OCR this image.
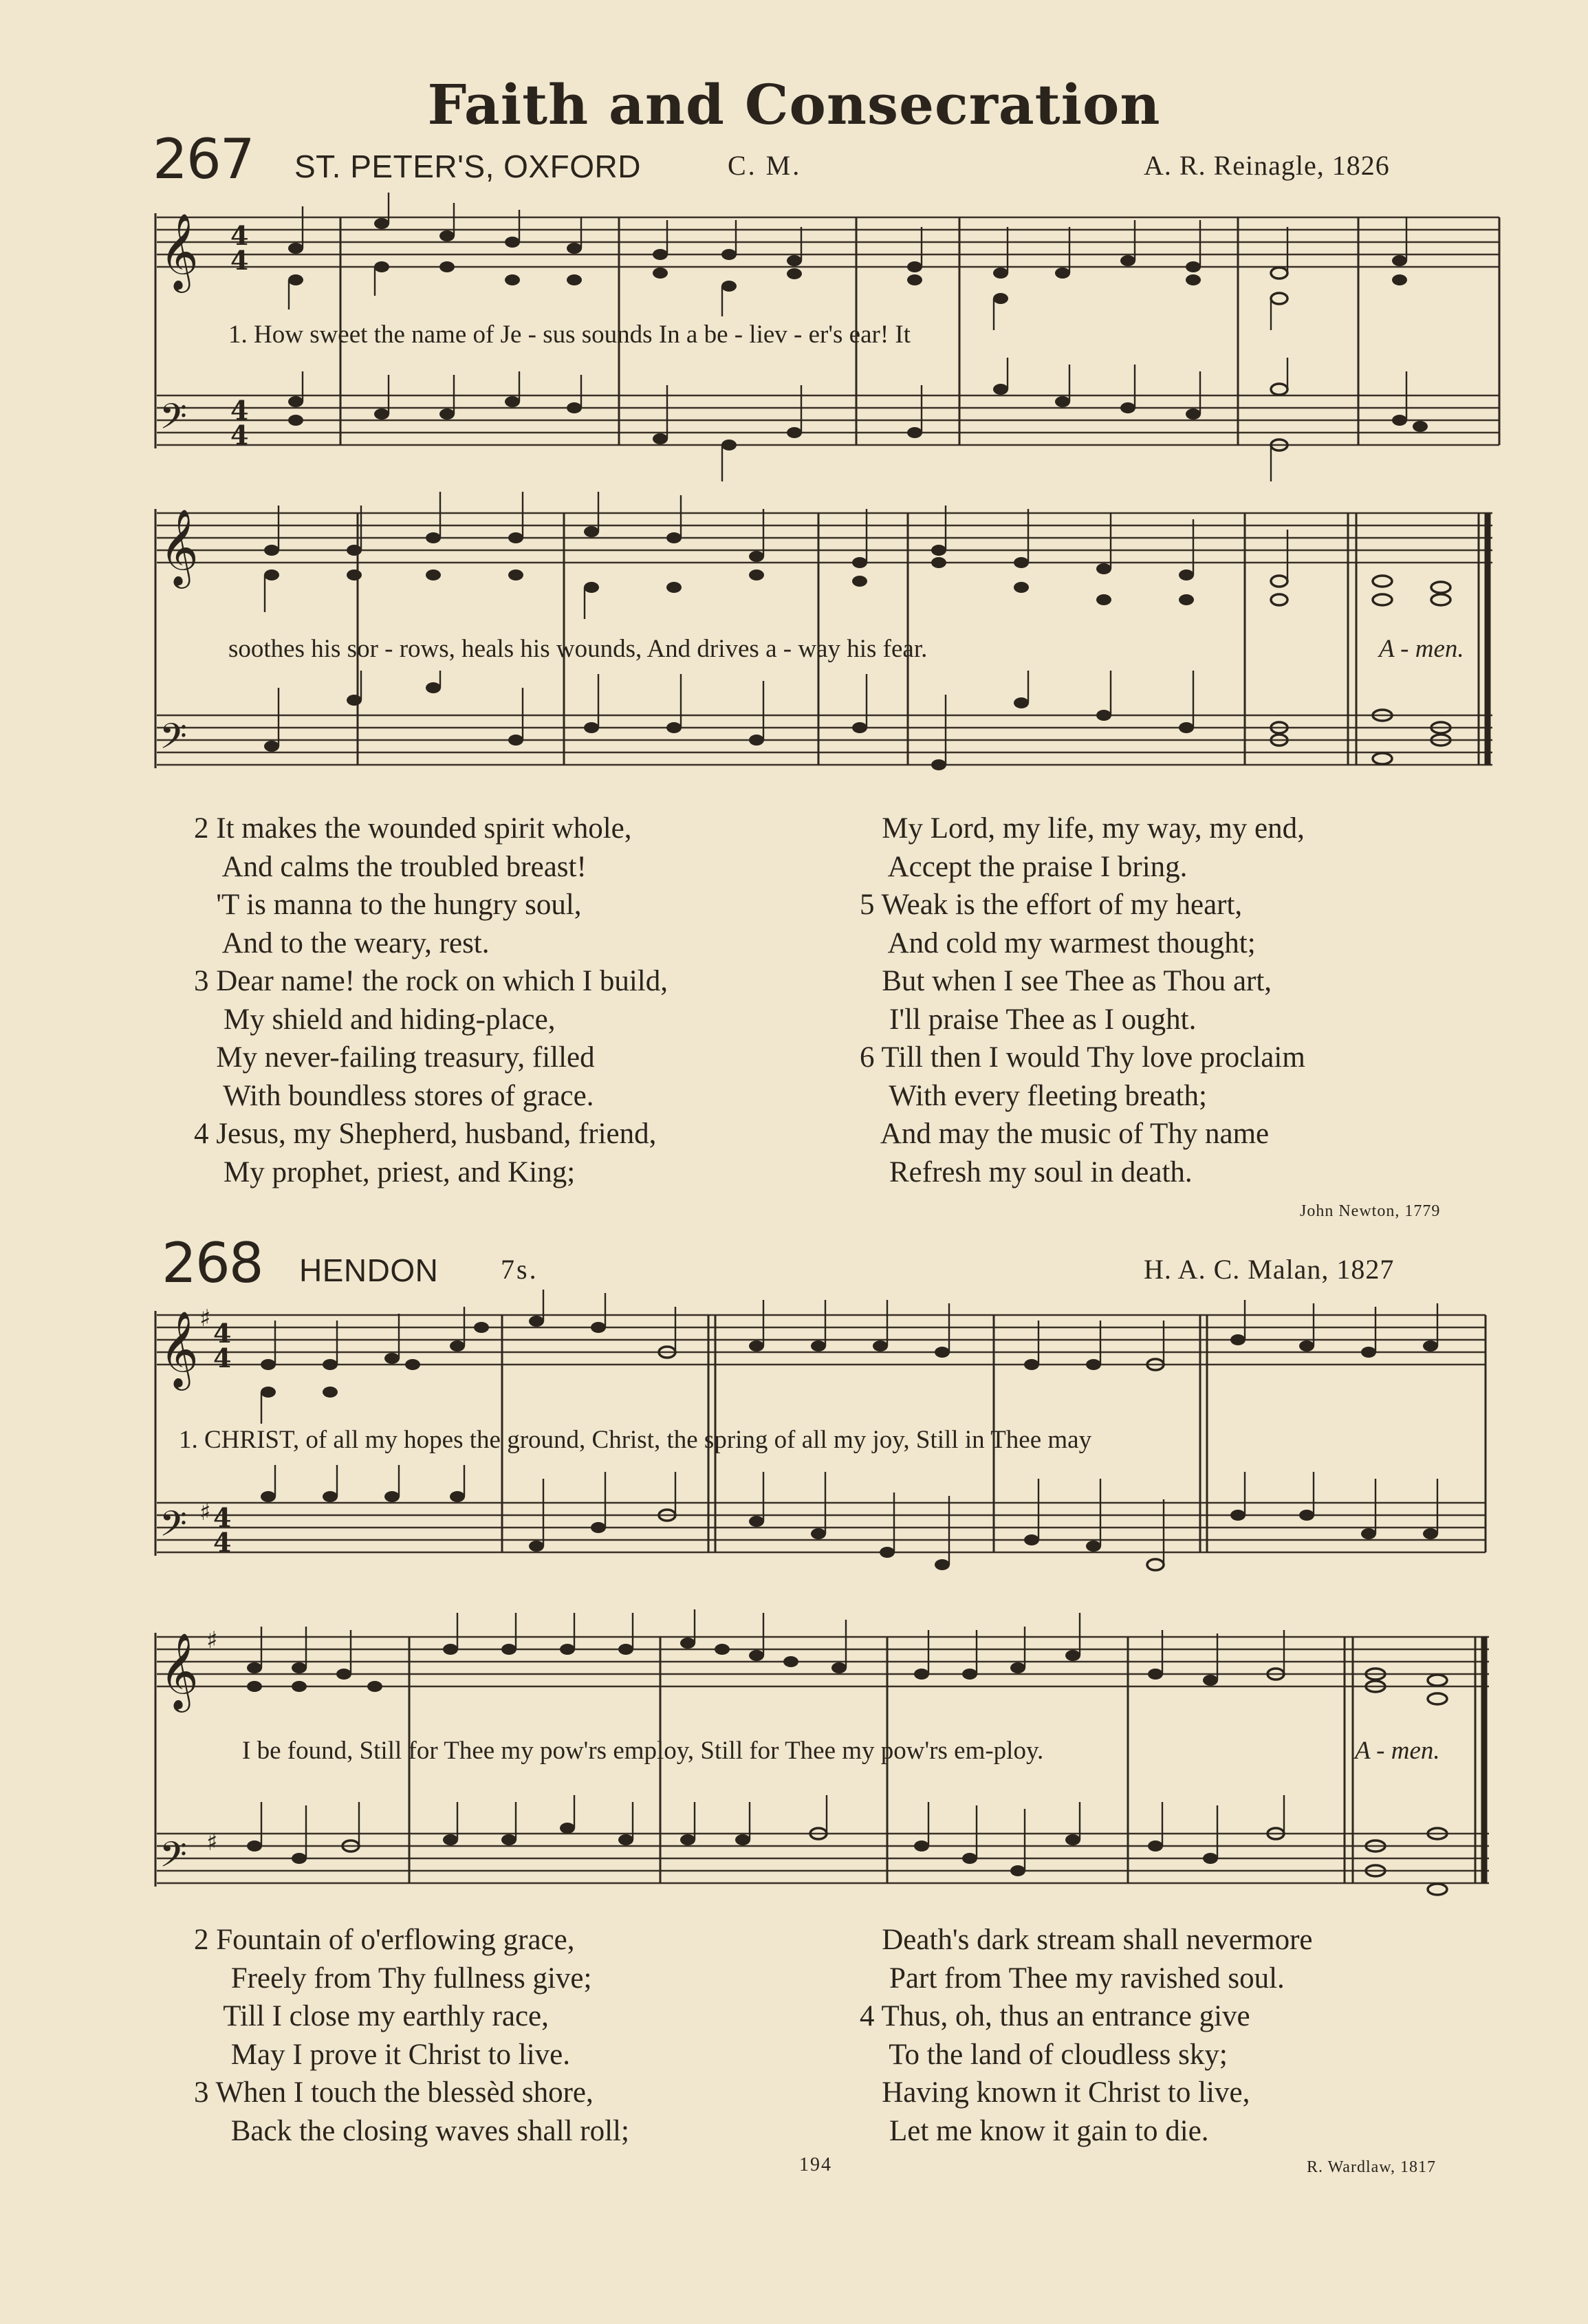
Faith and Consecration
267 ST. PETER'S, OXFORD	C. M.	A. R. Reinagle, 1826
𝄞
𝄢
4
4
4
4
1. How sweet the name of Je - sus sounds In a be - liev - er's ear! It
𝄞
𝄢
soothes his sor - rows, heals his wounds, And drives a - way his fear.	A - men.
2 It makes the wounded spirit whole,
And calms the troubled breast!
'T is manna to the hungry soul,
And to the weary, rest.
3 Dear name! the rock on which I build,
My shield and hiding-place,
My never-failing treasury, filled
With boundless stores of grace.
4 Jesus, my Shepherd, husband, friend,
My prophet, priest, and King;
My Lord, my life, my way, my end,
Accept the praise I bring.
5 Weak is the effort of my heart,
And cold my warmest thought;
But when I see Thee as Thou art,
I'll praise Thee as I ought.
6 Till then I would Thy love proclaim
With every fleeting breath;
And may the music of Thy name
Refresh my soul in death.
John Newton, 1779
268 HENDON 7s.	H. A. C. Malan, 1827
𝄞
𝄢
♯ 4
4
♯ 4
4
1. CHRIST, of all my hopes the ground, Christ, the spring of all my joy, Still in Thee may
𝄞
𝄢
♯
♯
I be found, Still for Thee my pow'rs employ, Still for Thee my pow'rs em-ploy.	A - men.
2 Fountain of o'erflowing grace,
Freely from Thy fullness give;
Till I close my earthly race,
May I prove it Christ to live.
3 When I touch the blessèd shore,
Back the closing waves shall roll;
Death's dark stream shall nevermore
Part from Thee my ravished soul.
4 Thus, oh, thus an entrance give
To the land of cloudless sky;
Having known it Christ to live,
Let me know it gain to die.
R. Wardlaw, 1817
194
